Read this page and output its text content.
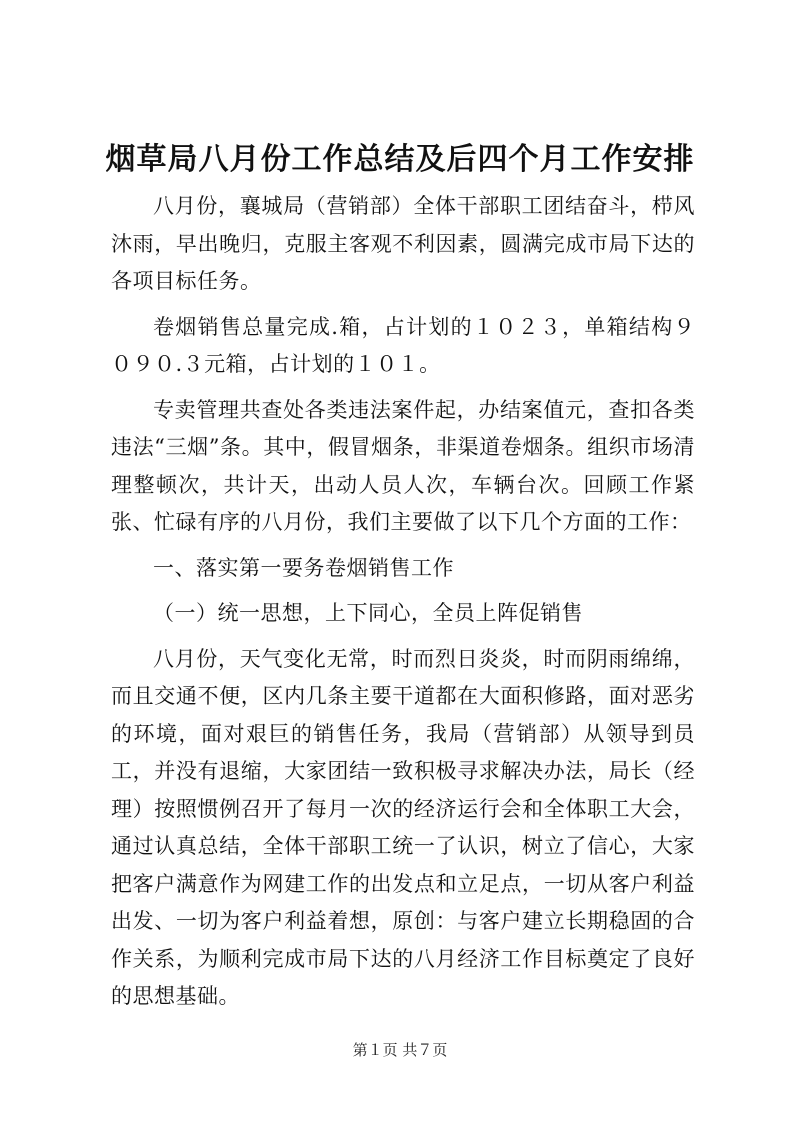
烟草局八月份工作总结及后四个月工作安排

八月份，襄城局（营销部）全体干部职工团结奋斗，栉风沐雨，早出晚归，克服主客观不利因素，圆满完成市局下达的各项目标任务。

卷烟销售总量完成.箱，占计划的１０２３，单箱结构９０９０.３元箱，占计划的１０１。

专卖管理共查处各类违法案件起，办结案值元，查扣各类违法“三烟”条。其中，假冒烟条，非渠道卷烟条。组织市场清理整顿次，共计天，出动人员人次，车辆台次。回顾工作紧张、忙碌有序的八月份，我们主要做了以下几个方面的工作：

一、落实第一要务卷烟销售工作

（一）统一思想，上下同心，全员上阵促销售

八月份，天气变化无常，时而烈日炎炎，时而阴雨绵绵，而且交通不便，区内几条主要干道都在大面积修路，面对恶劣的环境，面对艰巨的销售任务，我局（营销部）从领导到员工，并没有退缩，大家团结一致积极寻求解决办法，局长（经理）按照惯例召开了每月一次的经济运行会和全体职工大会，通过认真总结，全体干部职工统一了认识，树立了信心，大家把客户满意作为网建工作的出发点和立足点，一切从客户利益出发、一切为客户利益着想，原创：与客户建立长期稳固的合作关系，为顺利完成市局下达的八月经济工作目标奠定了良好的思想基础。

第１页 共７页
